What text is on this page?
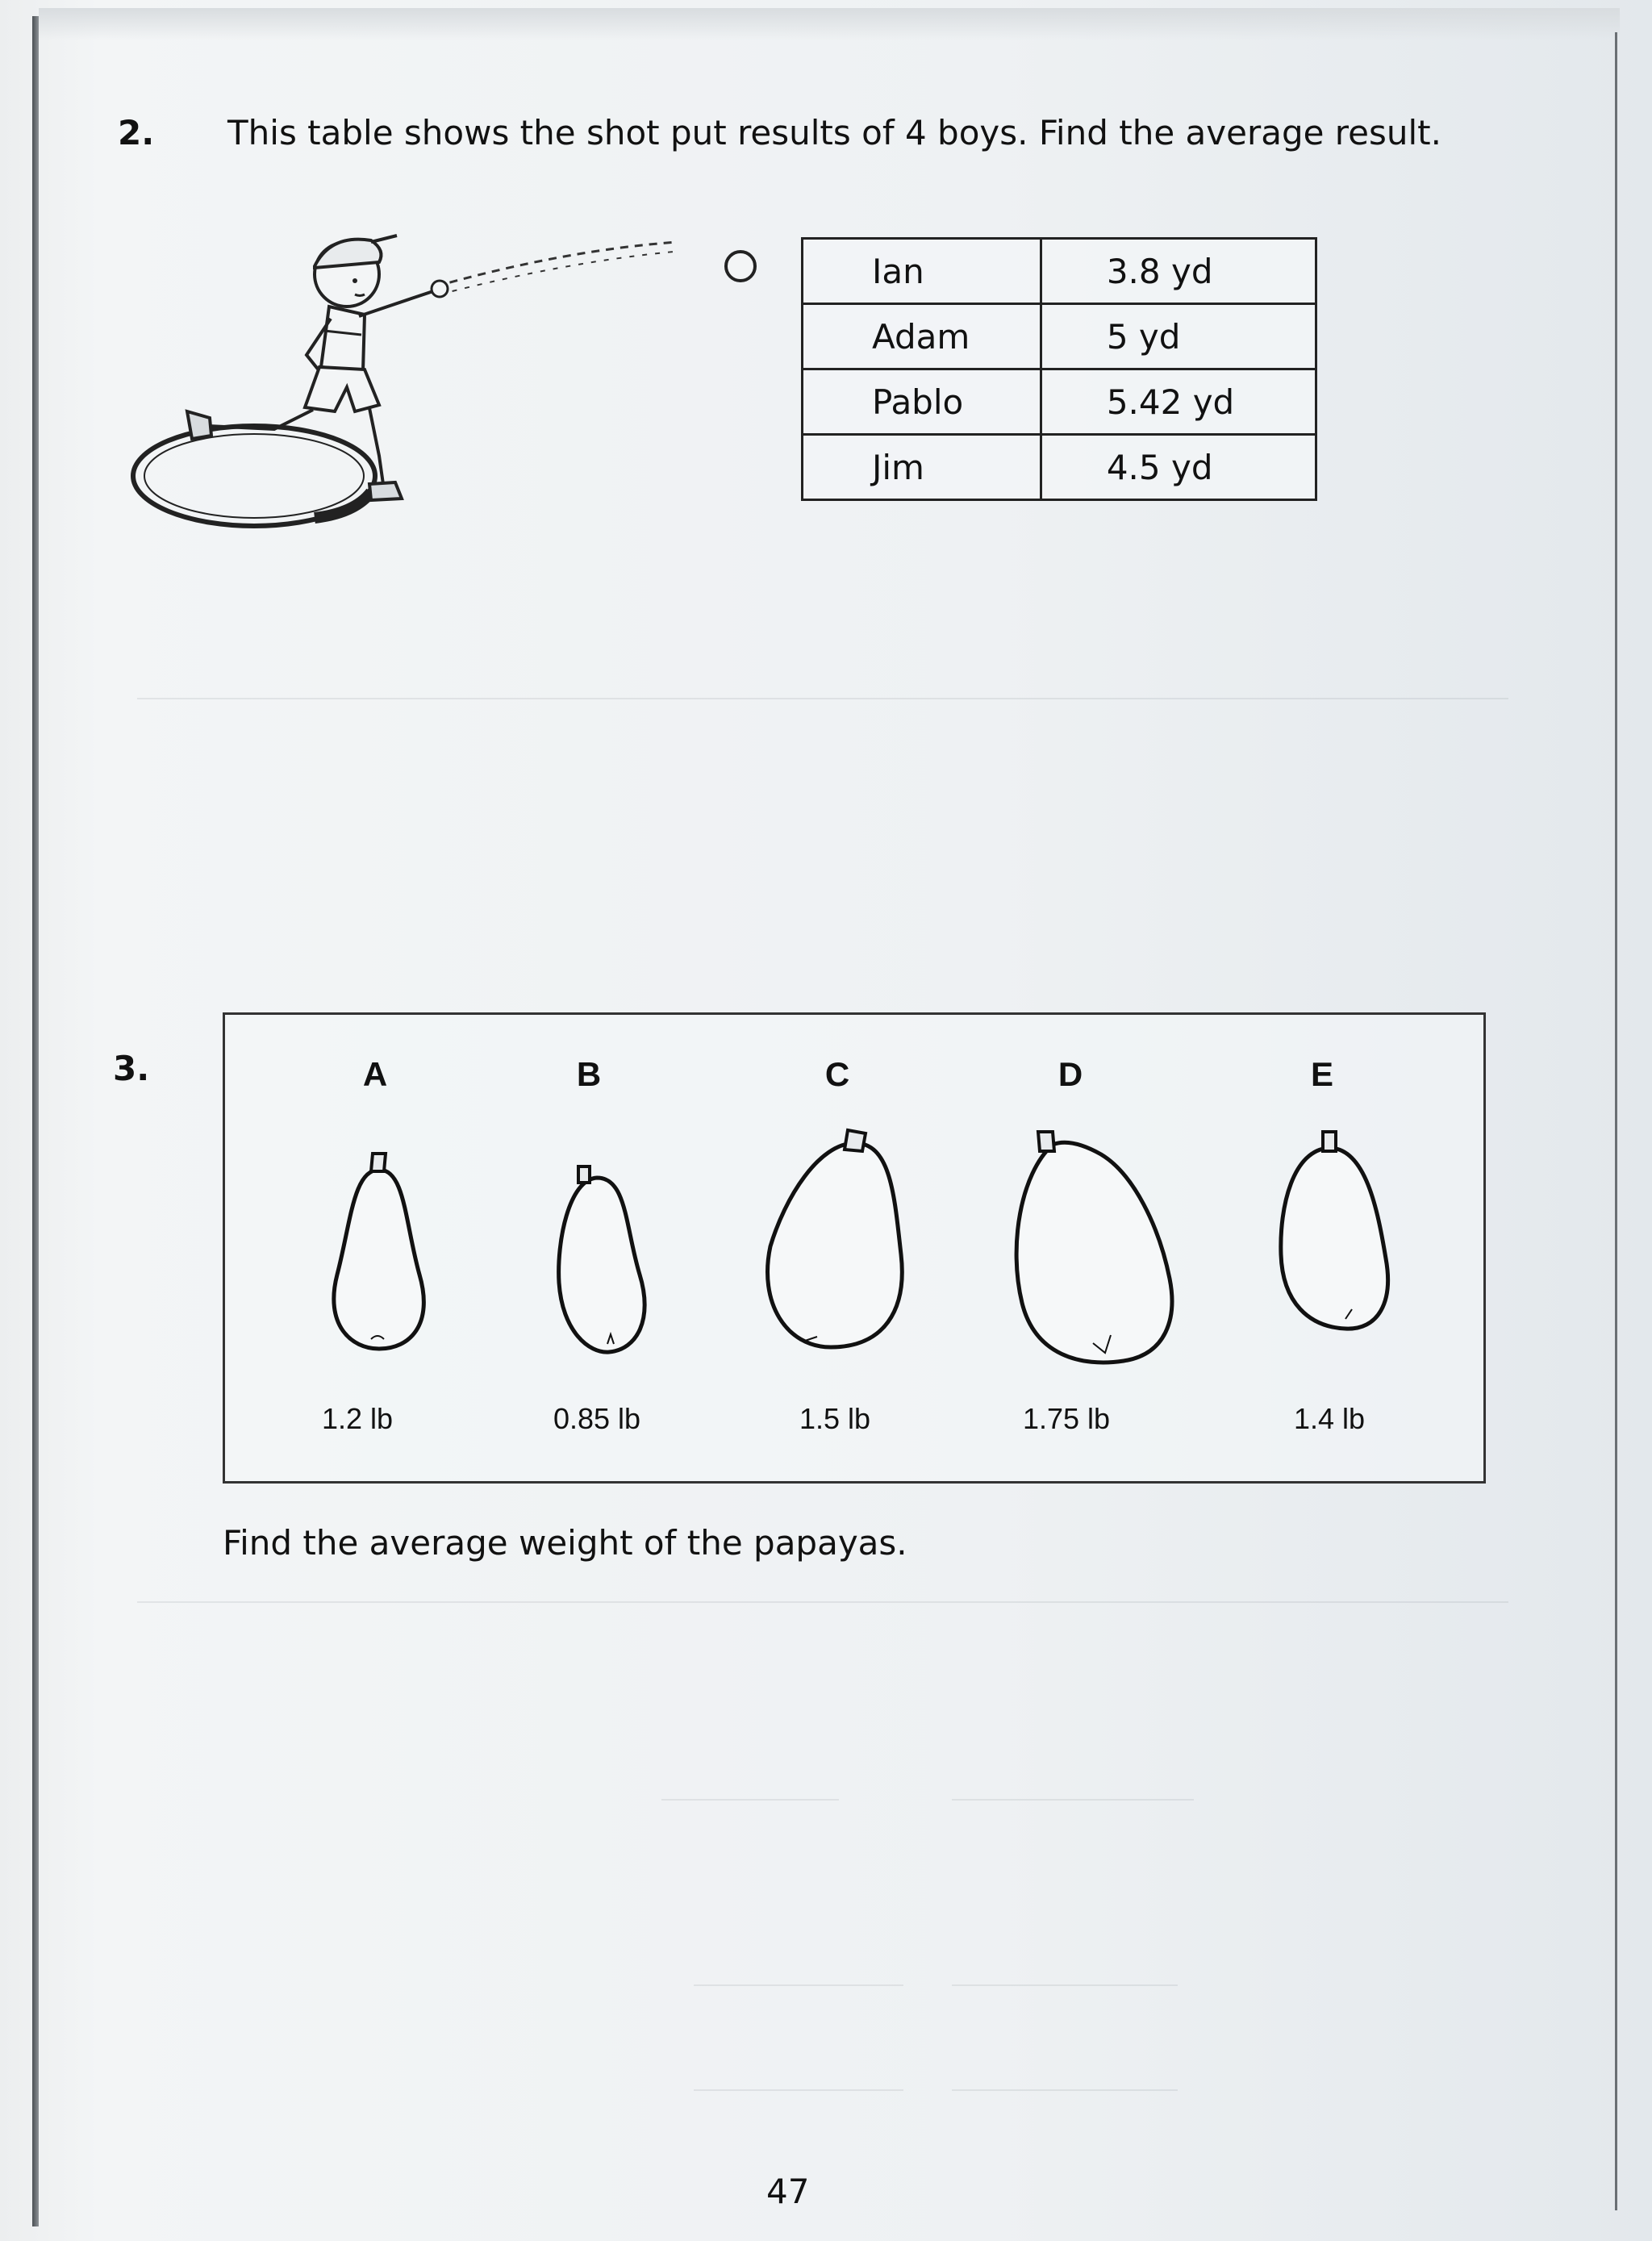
2. This table shows the shot put results of 4 boys. Find the average result.
Ian	3.8 yd
Adam	5 yd
Pablo	5.42 yd
Jim	4.5 yd
3.	A	B	C	D	E
1.2 lb	0.85 lb	1.5 lb	1.75 lb	1.4 lb
Find the average weight of the papayas.
47
